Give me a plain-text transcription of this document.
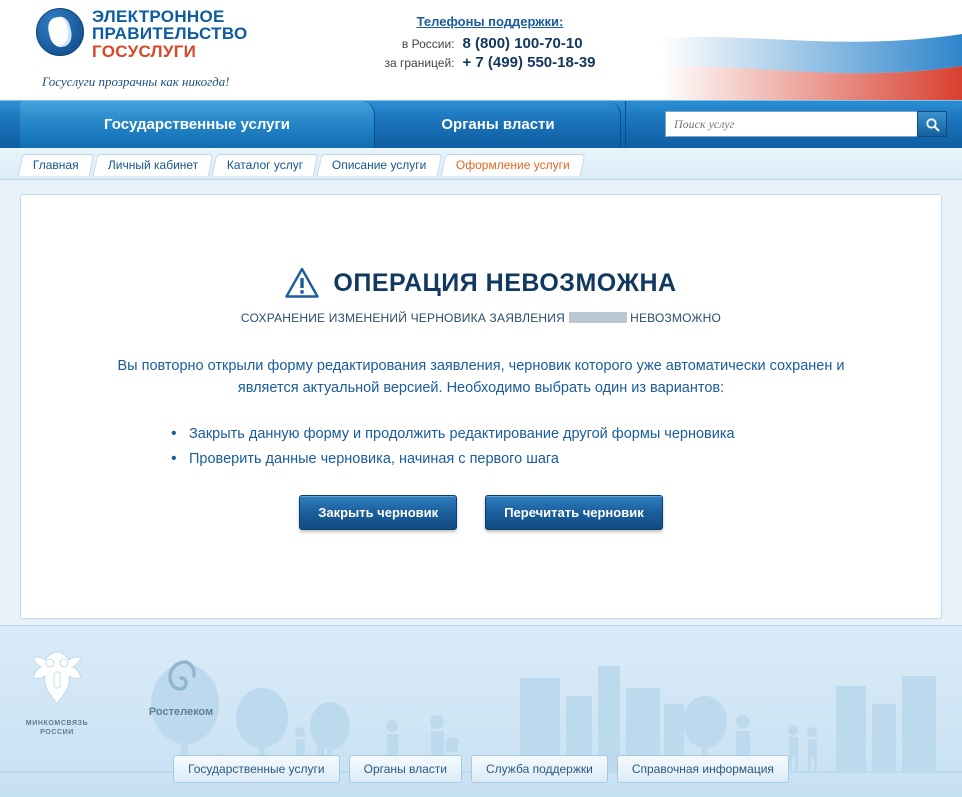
ЭЛЕКТРОННОЕ
ПРАВИТЕЛЬСТВО
ГОСУСЛУГИ
Госуслуги прозрачны как никогда!
Телефоны поддержки:
в России: 8 (800) 100-70-10
за границей: + 7 (499) 550-18-39
Государственные услуги	Органы власти
Поиск услуг
Главная	Личный кабинет	Каталог услуг	Описание услуги	Оформление услуги
ОПЕРАЦИЯ НЕВОЗМОЖНА
СОХРАНЕНИЕ ИЗМЕНЕНИЙ ЧЕРНОВИКА ЗАЯВЛЕНИЯ	НЕВОЗМОЖНО
Вы повторно открыли форму редактирования заявления, черновик которого уже автоматически сохранен и является актуальной версией. Необходимо выбрать один из вариантов:
• Закрыть данную форму и продолжить редактирование другой формы черновика
• Проверить данные черновика, начиная с первого шага
Закрыть черновик	Перечитать черновик
МИНКОМСВЯЗЬ
РОССИИ
Ростелеком
Государственные услуги	Органы власти	Служба поддержки	Справочная информация
